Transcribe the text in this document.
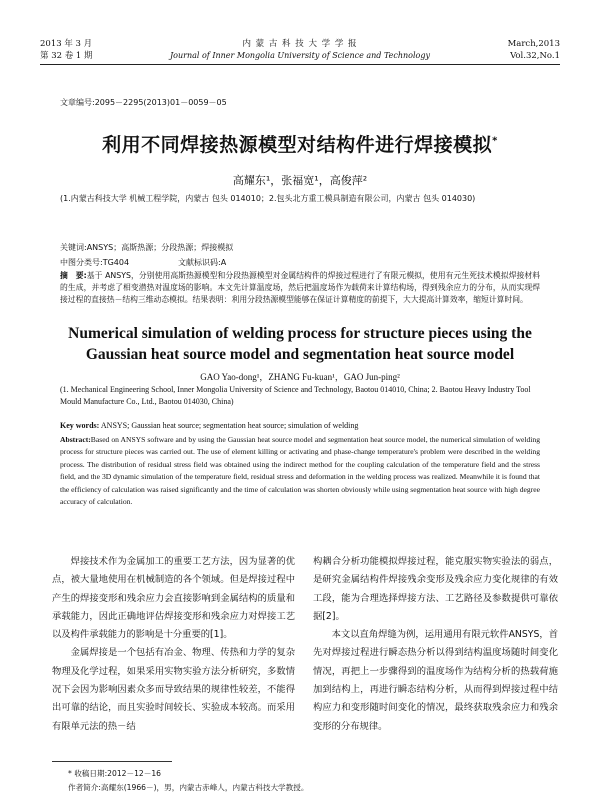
2013 年 3 月
第 32 卷 1 期
内 蒙 古 科 技 大 学 学 报
Journal of Inner Mongolia University of Science and Technology
March,2013
Vol.32,No.1
文章编号:2095－2295(2013)01－0059－05
利用不同焊接热源模型对结构件进行焊接模拟*
高耀东¹，张福宽¹，高俊萍²
(1.内蒙古科技大学 机械工程学院，内蒙古 包头 014010；2.包头北方重工模具制造有限公司，内蒙古 包头 014030)
关键词:ANSYS；高斯热源；分段热源；焊接模拟
中图分类号:TG404	文献标识码:A
摘　要:基于 ANSYS，分别使用高斯热源模型和分段热源模型对金属结构件的焊接过程进行了有限元模拟，使用有元生死技术模拟焊接材料的生成，并考虑了相变潜热对温度场的影响。本文先计算温度场，然后把温度场作为载荷来计算结构场，得到残余应力的分布，从而实现焊接过程的直接热－结构三维动态模拟。结果表明：利用分段热源模型能够在保证计算精度的前提下，大大提高计算效率，缩短计算时间。
Numerical simulation of welding process for structure pieces using the Gaussian heat source model and segmentation heat source model
GAO Yao-dong¹，ZHANG Fu-kuan¹，GAO Jun-ping²
(1. Mechanical Engineering School, Inner Mongolia University of Science and Technology, Baotou 014010, China; 2. Baotou Heavy Industry Tool Mould Manufacture Co., Ltd., Baotou 014030, China)
Key words: ANSYS; Gaussian heat source; segmentation heat source; simulation of welding
Abstract:Based on ANSYS software and by using the Gaussian heat source model and segmentation heat source model, the numerical simulation of welding process for structure pieces was carried out. The use of element killing or activating and phase-change temperature's problem were described in the welding process. The distribution of residual stress field was obtained using the indirect method for the coupling calculation of the temperature field and the stress field, and the 3D dynamic simulation of the temperature field, residual stress and deformation in the welding process was realized. Meanwhile it is found that the efficiency of calculation was raised significantly and the time of calculation was shorten obviously while using segmentation heat source with high degree accuracy of calculation.
焊接技术作为金属加工的重要工艺方法，因为显著的优点，被大量地使用在机械制造的各个领域。但是焊接过程中产生的焊接变形和残余应力会直接影响到金属结构的质量和承载能力，因此正确地评估焊接变形和残余应力对焊接工艺以及构件承载能力的影响是十分重要的[1]。
金属焊接是一个包括有冶金、物理、传热和力学的复杂物理及化学过程，如果采用实物实验方法分析研究，多数情况下会因为影响因素众多而导致结果的规律性较差，不能得出可靠的结论，而且实验时间较长、实验成本较高。而采用有限单元法的热－结
构耦合分析功能模拟焊接过程，能克服实物实验法的弱点，是研究金属结构件焊接残余变形及残余应力变化规律的有效工段，能为合理选择焊接方法、工艺路径及参数提供可靠依据[2]。
本文以直角焊缝为例，运用通用有限元软件ANSYS，首先对焊接过程进行瞬态热分析以得到结构温度场随时间变化情况，再把上一步骤得到的温度场作为结构分析的热载荷施加到结构上，再进行瞬态结构分析，从而得到焊接过程中结构应力和变形随时间变化的情况，最终获取残余应力和残余变形的分布规律。
* 收稿日期:2012－12－16
作者简介:高耀东(1966－)，男，内蒙古赤峰人，内蒙古科技大学教授。
